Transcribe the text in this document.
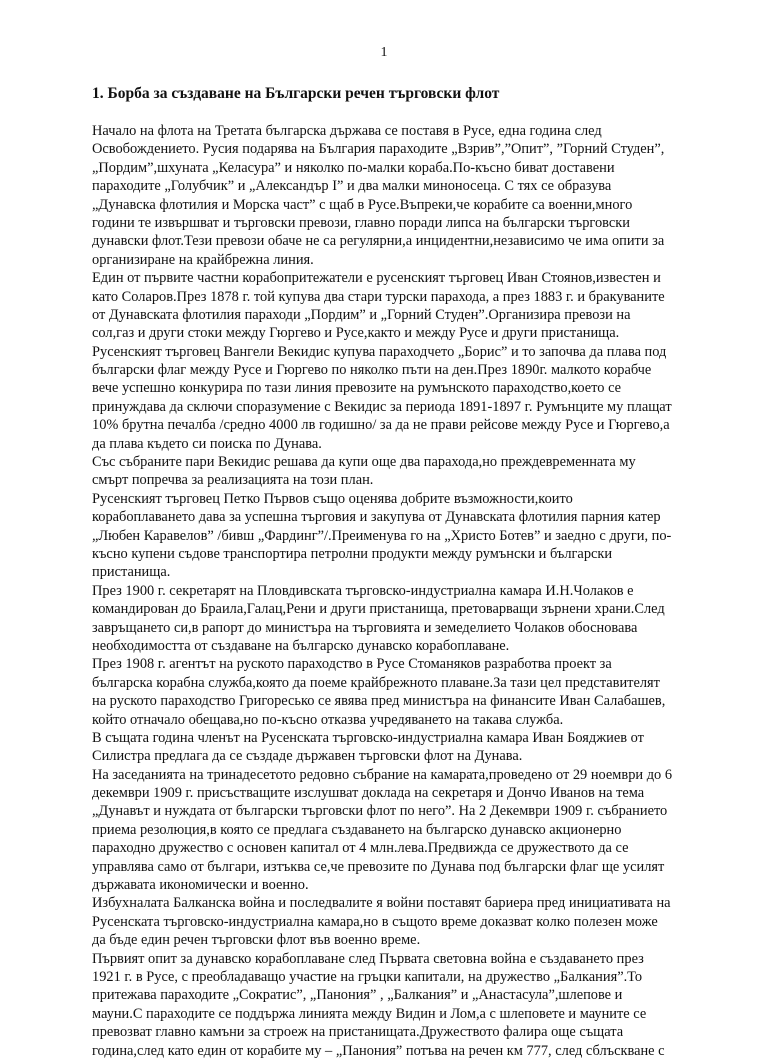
1
1. Борба за създаване на Български речен търговски флот
Начало на флота на Третата българска държава се поставя в Русе, една година след
Освобождението. Русия подарява на България параходите „Взрив”,”Опит”, ”Горний Студен”,
„Пордим”,шхуната „Келасура” и няколко по-малки кораба.По-късно биват доставени
параходите „Голубчик” и „Александър I” и два малки миноносеца. С тях се образува
„Дунавска флотилия и Морска част” с щаб в Русе.Въпреки,че корабите са военни,много
години те извършват и търговски превози, главно поради липса на български търговски
дунавски флот.Тези превози обаче не са регулярни,а инцидентни,независимо че има опити за
организиране на крайбрежна линия.
Един от първите частни корабопритежатели е русенският търговец Иван Стоянов,известен и
като Соларов.През 1878 г. той купува два стари турски парахода, а през 1883 г. и бракуваните
от Дунавската флотилия параходи „Пордим” и „Горний Студен”.Организира превози на
сол,газ и други стоки между Гюргево и Русе,както и между Русе и други пристанища.
Русенският търговец Вангели Векидис купува параходчето „Борис” и то започва да плава под
български флаг между Русе и Гюргево по няколко пъти на ден.През 1890г. малкото корабче
вече успешно конкурира по тази линия превозите на румънското параходство,което се
принуждава да сключи споразумение с Векидис за периода 1891-1897 г. Румънците му плащат
10% брутна печалба /средно 4000 лв годишно/ за да не прави рейсове между Русе и Гюргево,а
да плава където си поиска по Дунава.
Със събраните пари Векидис решава да купи още два парахода,но преждевременната му
смърт попречва за реализацията на този план.
Русенският търговец Петко Първов също оценява добрите възможности,които
корабоплаването дава за успешна търговия и закупува от Дунавската флотилия парния катер
„Любен Каравелов” /бивш „Фардинг”/.Преименува го на „Христо Ботев” и заедно с други, по-
късно купени съдове транспортира петролни продукти между румънски и български
пристанища.
През 1900 г. секретарят на Пловдивската търговско-индустриална камара И.Н.Чолаков е
командирован до Браила,Галац,Рени и други пристанища, претоварващи зърнени храни.След
завръщането си,в рапорт до министъра на търговията и земеделието Чолаков обосновава
необходимостта от създаване на българско дунавско корабоплаване.
През 1908 г. агентът на руското параходство в Русе Стоманяков разработва проект за
българска корабна служба,която да поеме крайбрежното плаване.За тази цел представителят
на руското параходство Григоресько се явява пред министъра на финансите Иван Салабашев,
който отначало обещава,но по-късно отказва учредяването на такава служба.
В същата година членът на Русенската търговско-индустриална камара Иван Бояджиев от
Силистра предлага да се създаде държавен търговски флот на Дунава.
На заседанията на тринадесетото редовно събрание на камарата,проведено от 29 ноември до 6
декември 1909 г. присъстващите изслушват доклада на секретаря и Дончо Иванов на тема
„Дунавът и нуждата от български търговски флот по него”. На 2 Декември 1909 г. събранието
приема резолюция,в която се предлага създаването на българско дунавско акционерно
параходно дружество с основен капитал от 4 млн.лева.Предвижда се дружеството да се
управлява само от българи, изтъква се,че превозите по Дунава под български флаг ще усилят
държавата икономически и военно.
Избухналата Балканска война и последвалите я войни поставят бариера пред инициативата на
Русенската търговско-индустриална камара,но в същото време доказват колко полезен може
да бъде един речен търговски флот във военно време.
Първият опит за дунавско корабоплаване след Първата световна война е създаването през
1921 г. в Русе, с преобладаващо участие на гръцки капитали, на дружество „Балкания”.То
притежава параходите „Сократис”, „Панония” , „Балкания” и „Анастасула”,шлепове и
мауни.С параходите се поддържа линията между Видин и Лом,а с шлеповете и мауните се
превозват главно камъни за строеж на пристанищата.Дружеството фалира още същата
година,след като един от корабите му – „Панония” потъва на речен км 777, след сблъскване с
